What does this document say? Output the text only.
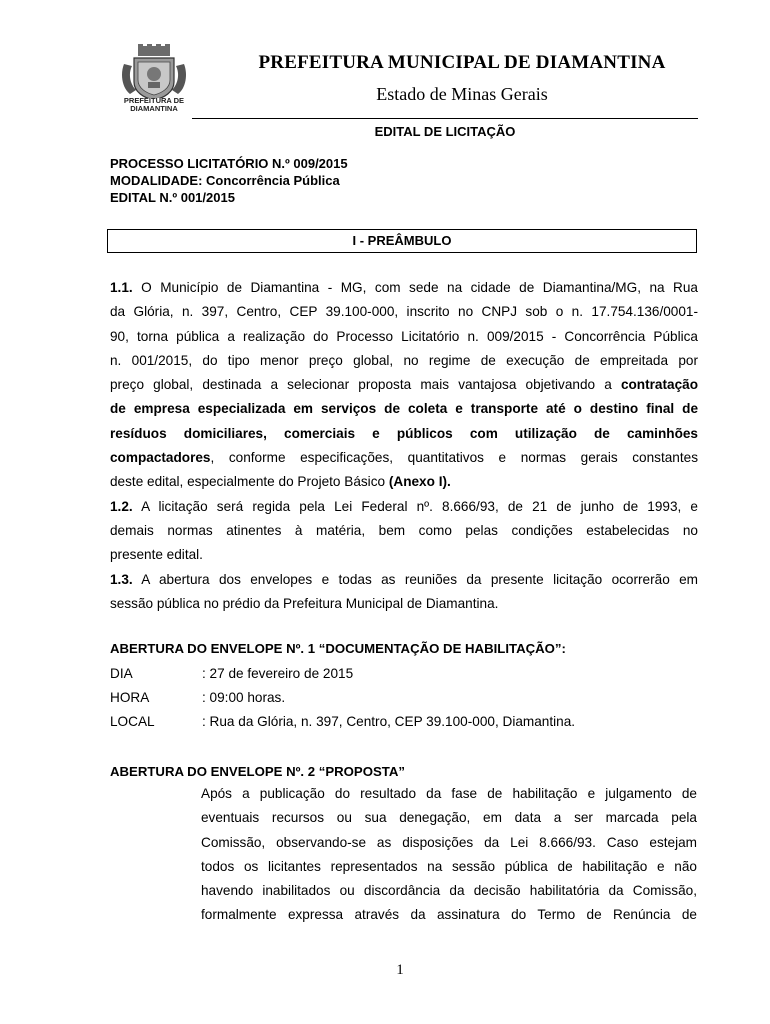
PREFEITURA DE DIAMANTINA
PREFEITURA MUNICIPAL DE DIAMANTINA
Estado de Minas Gerais
EDITAL DE LICITAÇÃO
PROCESSO LICITATÓRIO N.º 009/2015
MODALIDADE: Concorrência Pública
EDITAL N.º 001/2015
I - PREÂMBULO
1.1. O Município de Diamantina - MG, com sede na cidade de Diamantina/MG, na Rua
da Glória, n. 397, Centro, CEP 39.100-000, inscrito no CNPJ sob o n. 17.754.136/0001-
90, torna pública a realização do Processo Licitatório n. 009/2015 - Concorrência Pública
n. 001/2015, do tipo menor preço global, no regime de execução de empreitada por
preço global, destinada a selecionar proposta mais vantajosa objetivando a contratação
de empresa especializada em serviços de coleta e transporte até o destino final de
resíduos domiciliares, comerciais e públicos com utilização de caminhões
compactadores, conforme especificações, quantitativos e normas gerais constantes
deste edital, especialmente do Projeto Básico (Anexo I).
1.2. A licitação será regida pela Lei Federal nº. 8.666/93, de 21 de junho de 1993, e
demais normas atinentes à matéria, bem como pelas condições estabelecidas no
presente edital.
1.3. A abertura dos envelopes e todas as reuniões da presente licitação ocorrerão em
sessão pública no prédio da Prefeitura Municipal de Diamantina.
ABERTURA DO ENVELOPE Nº. 1 “DOCUMENTAÇÃO DE HABILITAÇÃO”:
DIA	: 27 de fevereiro de 2015
HORA	: 09:00 horas.
LOCAL	: Rua da Glória, n. 397, Centro, CEP 39.100-000, Diamantina.
ABERTURA DO ENVELOPE Nº. 2 “PROPOSTA”
Após a publicação do resultado da fase de habilitação e julgamento de
eventuais recursos ou sua denegação, em data a ser marcada pela
Comissão, observando-se as disposições da Lei 8.666/93. Caso estejam
todos os licitantes representados na sessão pública de habilitação e não
havendo inabilitados ou discordância da decisão habilitatória da Comissão,
formalmente expressa através da assinatura do Termo de Renúncia de
1
